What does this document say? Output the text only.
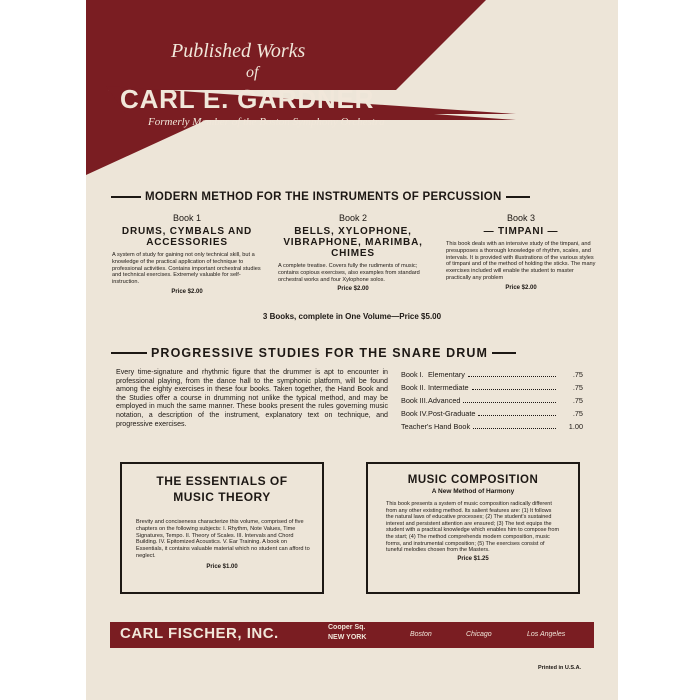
Published Works
of
CARL E. GARDNER
Formerly Member of the Boston Symphony Orchestra
MODERN METHOD FOR THE INSTRUMENTS OF PERCUSSION
Book 1
DRUMS, CYMBALS AND ACCESSORIES
A system of study for gaining not only technical skill, but a knowledge of the practical application of technique to professional activities. Contains important orchestral studies and technical exercises. Extremely valuable for self-instruction.
Price $2.00
Book 2
BELLS, XYLOPHONE, VIBRAPHONE, MARIMBA, CHIMES
A complete treatise. Covers fully the rudiments of music; contains copious exercises, also examples from standard orchestral works and four Xylophone solos.
Price $2.00
Book 3
— TIMPANI —
This book deals with an intensive study of the timpani, and presupposes a thorough knowledge of rhythm, scales, and intervals. It is provided with illustrations of the various styles of timpani and of the method of holding the sticks. The many exercises included will enable the student to master practically any problem
Price $2.00
3 Books, complete in One Volume—Price $5.00
PROGRESSIVE STUDIES FOR THE SNARE DRUM
Every time-signature and rhythmic figure that the drummer is apt to encounter in professional playing, from the dance hall to the symphonic platform, will be found among the eighty exercises in these four books. Taken together, the Hand Book and the Studies offer a course in drumming not unlike the typical method, and may be employed in much the same manner. These books present the rules governing music notation, a description of the instrument, explanatory text on technique, and progressive exercises.
Book I. Elementary	.75
Book II. Intermediate	.75
Book III. Advanced	.75
Book IV. Post-Graduate	.75
Teacher's Hand Book	1.00
THE ESSENTIALS OF
MUSIC THEORY
Brevity and conciseness characterize this volume, comprised of five chapters on the following subjects: I. Rhythm, Note Values, Time Signatures, Tempo. II. Theory of Scales. III. Intervals and Chord Building. IV. Epitomized Acoustics. V. Ear Training. A book on Essentials, it contains valuable material which no student can afford to neglect.
Price $1.00
MUSIC COMPOSITION
A New Method of Harmony
This book presents a system of music composition radically different from any other existing method. Its salient features are: (1) It follows the natural laws of educative processes; (2) The student's sustained interest and persistent attention are ensured; (3) The text equips the student with a practical knowledge which enables him to compose from the start; (4) The method comprehends modern composition, music forms, and instrumental composition; (5) The exercises consist of tuneful melodies chosen from the Masters.
Price $1.25
CARL FISCHER, INC.	Cooper Sq.
NEW YORK	Boston	Chicago	Los Angeles
Printed in U.S.A.
